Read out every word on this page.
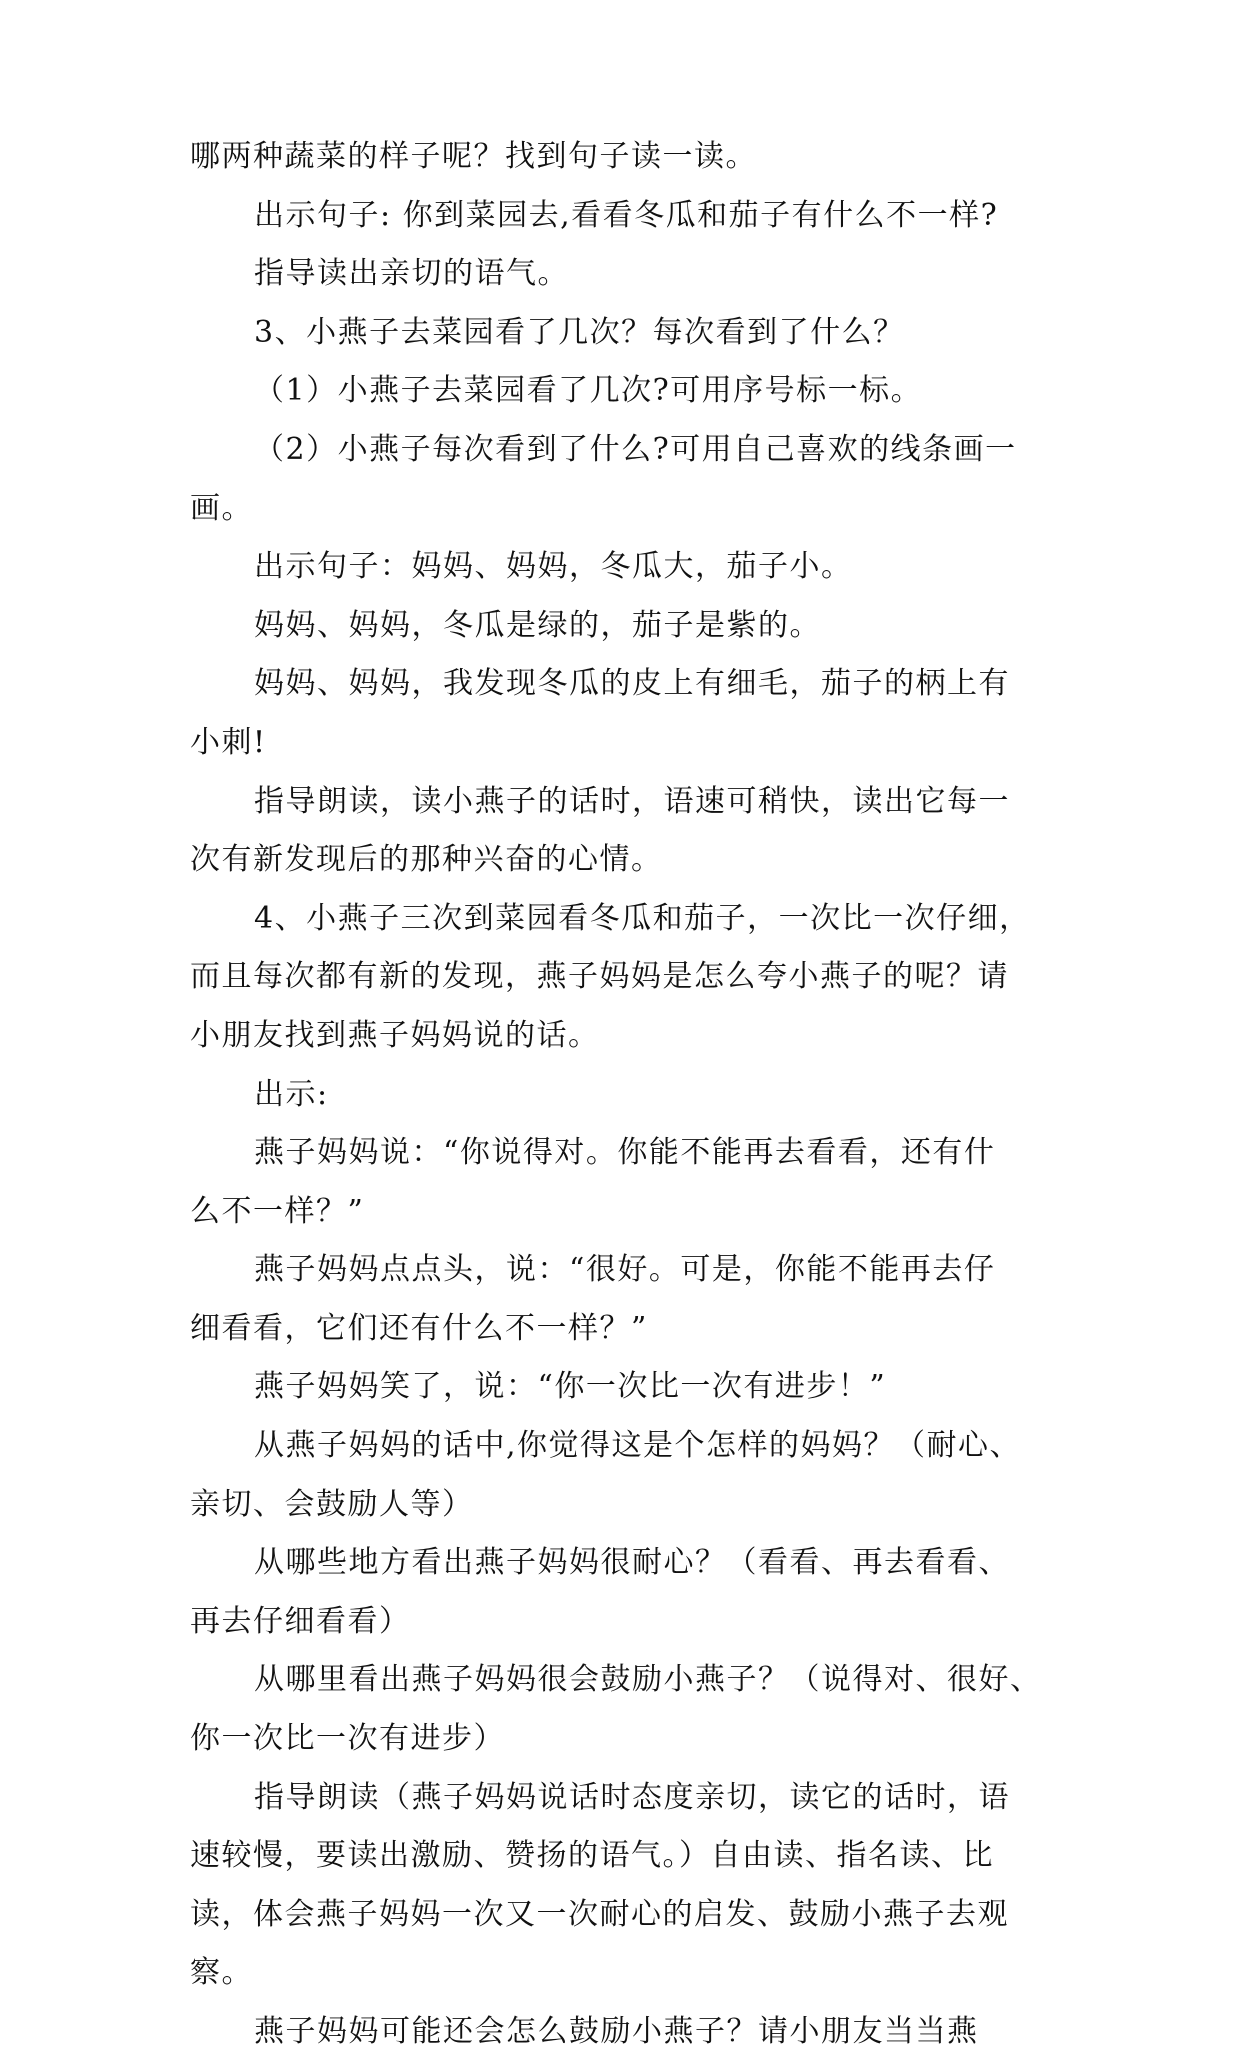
哪两种蔬菜的样子呢？找到句子读一读。
出示句子: 你到菜园去,看看冬瓜和茄子有什么不一样?
指导读出亲切的语气。
3、小燕子去菜园看了几次？每次看到了什么？
（1）小燕子去菜园看了几次?可用序号标一标。
（2）小燕子每次看到了什么?可用自己喜欢的线条画一
画。
出示句子：妈妈、妈妈，冬瓜大，茄子小。
妈妈、妈妈，冬瓜是绿的，茄子是紫的。
妈妈、妈妈，我发现冬瓜的皮上有细毛，茄子的柄上有
小刺!
指导朗读，读小燕子的话时，语速可稍快，读出它每一
次有新发现后的那种兴奋的心情。
4、小燕子三次到菜园看冬瓜和茄子，一次比一次仔细，
而且每次都有新的发现，燕子妈妈是怎么夸小燕子的呢？请
小朋友找到燕子妈妈说的话。
出示:
燕子妈妈说：“你说得对。你能不能再去看看，还有什
么不一样？”
燕子妈妈点点头，说：“很好。可是，你能不能再去仔
细看看，它们还有什么不一样？”
燕子妈妈笑了，说：“你一次比一次有进步！”
从燕子妈妈的话中,你觉得这是个怎样的妈妈？（耐心、
亲切、会鼓励人等）
从哪些地方看出燕子妈妈很耐心？（看看、再去看看、
再去仔细看看）
从哪里看出燕子妈妈很会鼓励小燕子？（说得对、很好、
你一次比一次有进步）
指导朗读（燕子妈妈说话时态度亲切，读它的话时，语
速较慢，要读出激励、赞扬的语气。）自由读、指名读、比
读，体会燕子妈妈一次又一次耐心的启发、鼓励小燕子去观
察。
燕子妈妈可能还会怎么鼓励小燕子？请小朋友当当燕
